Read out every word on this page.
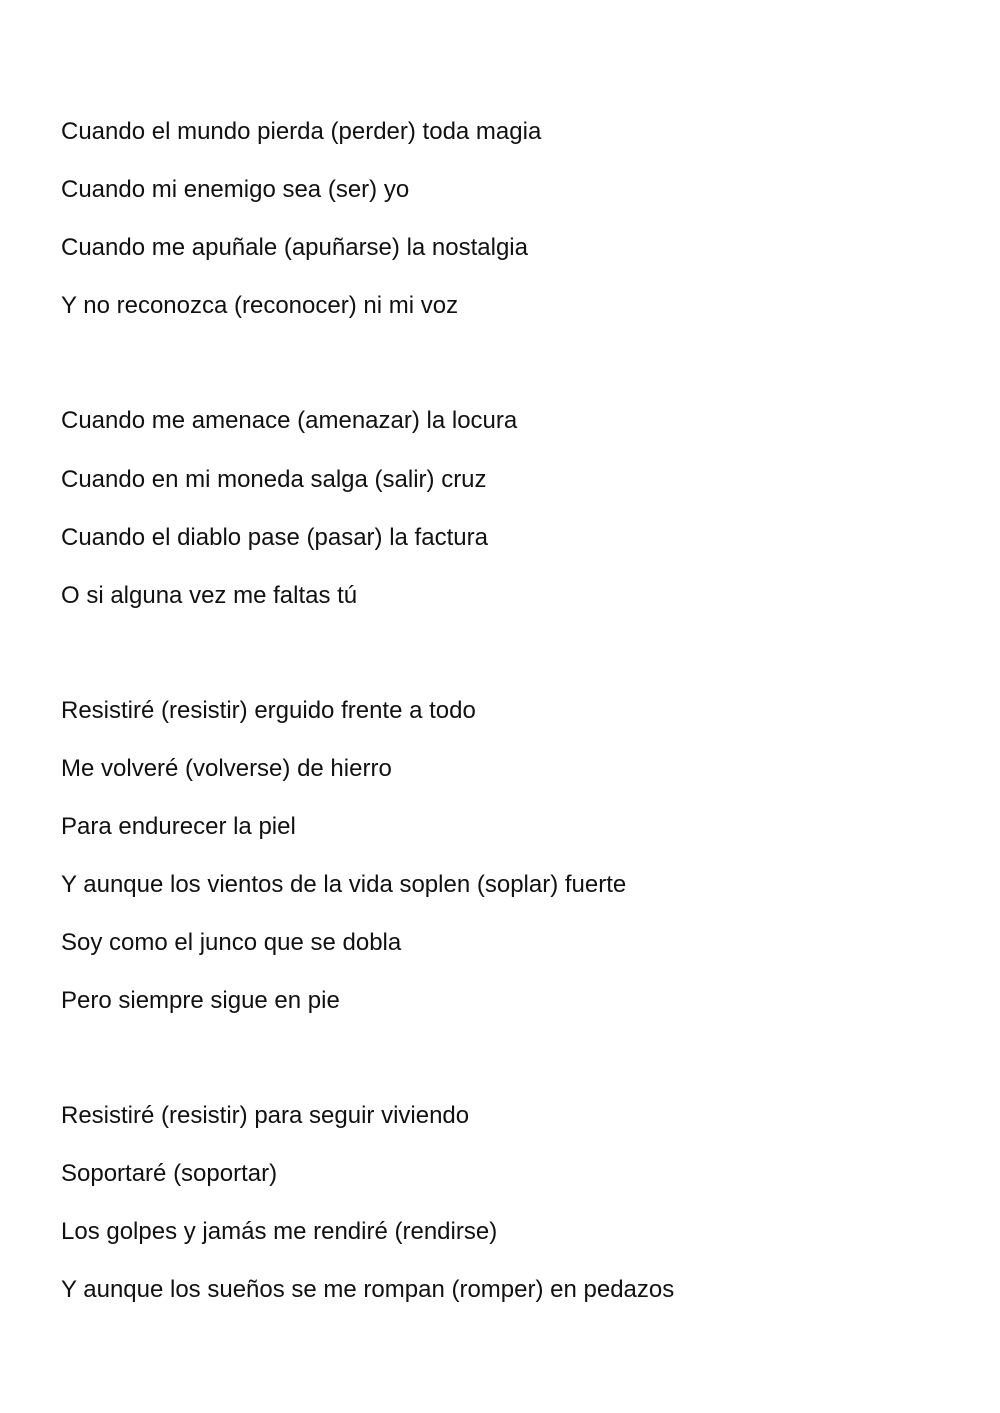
Cuando el mundo pierda (perder) toda magia
Cuando mi enemigo sea (ser) yo
Cuando me apuñale (apuñarse) la nostalgia
Y no reconozca (reconocer) ni mi voz
Cuando me amenace (amenazar) la locura
Cuando en mi moneda salga (salir) cruz
Cuando el diablo pase (pasar) la factura
O si alguna vez me faltas tú
Resistiré (resistir) erguido frente a todo
Me volveré (volverse) de hierro
Para endurecer la piel
Y aunque los vientos de la vida soplen (soplar) fuerte
Soy como el junco que se dobla
Pero siempre sigue en pie
Resistiré (resistir) para seguir viviendo
Soportaré (soportar)
Los golpes y jamás me rendiré (rendirse)
Y aunque los sueños se me rompan (romper) en pedazos
